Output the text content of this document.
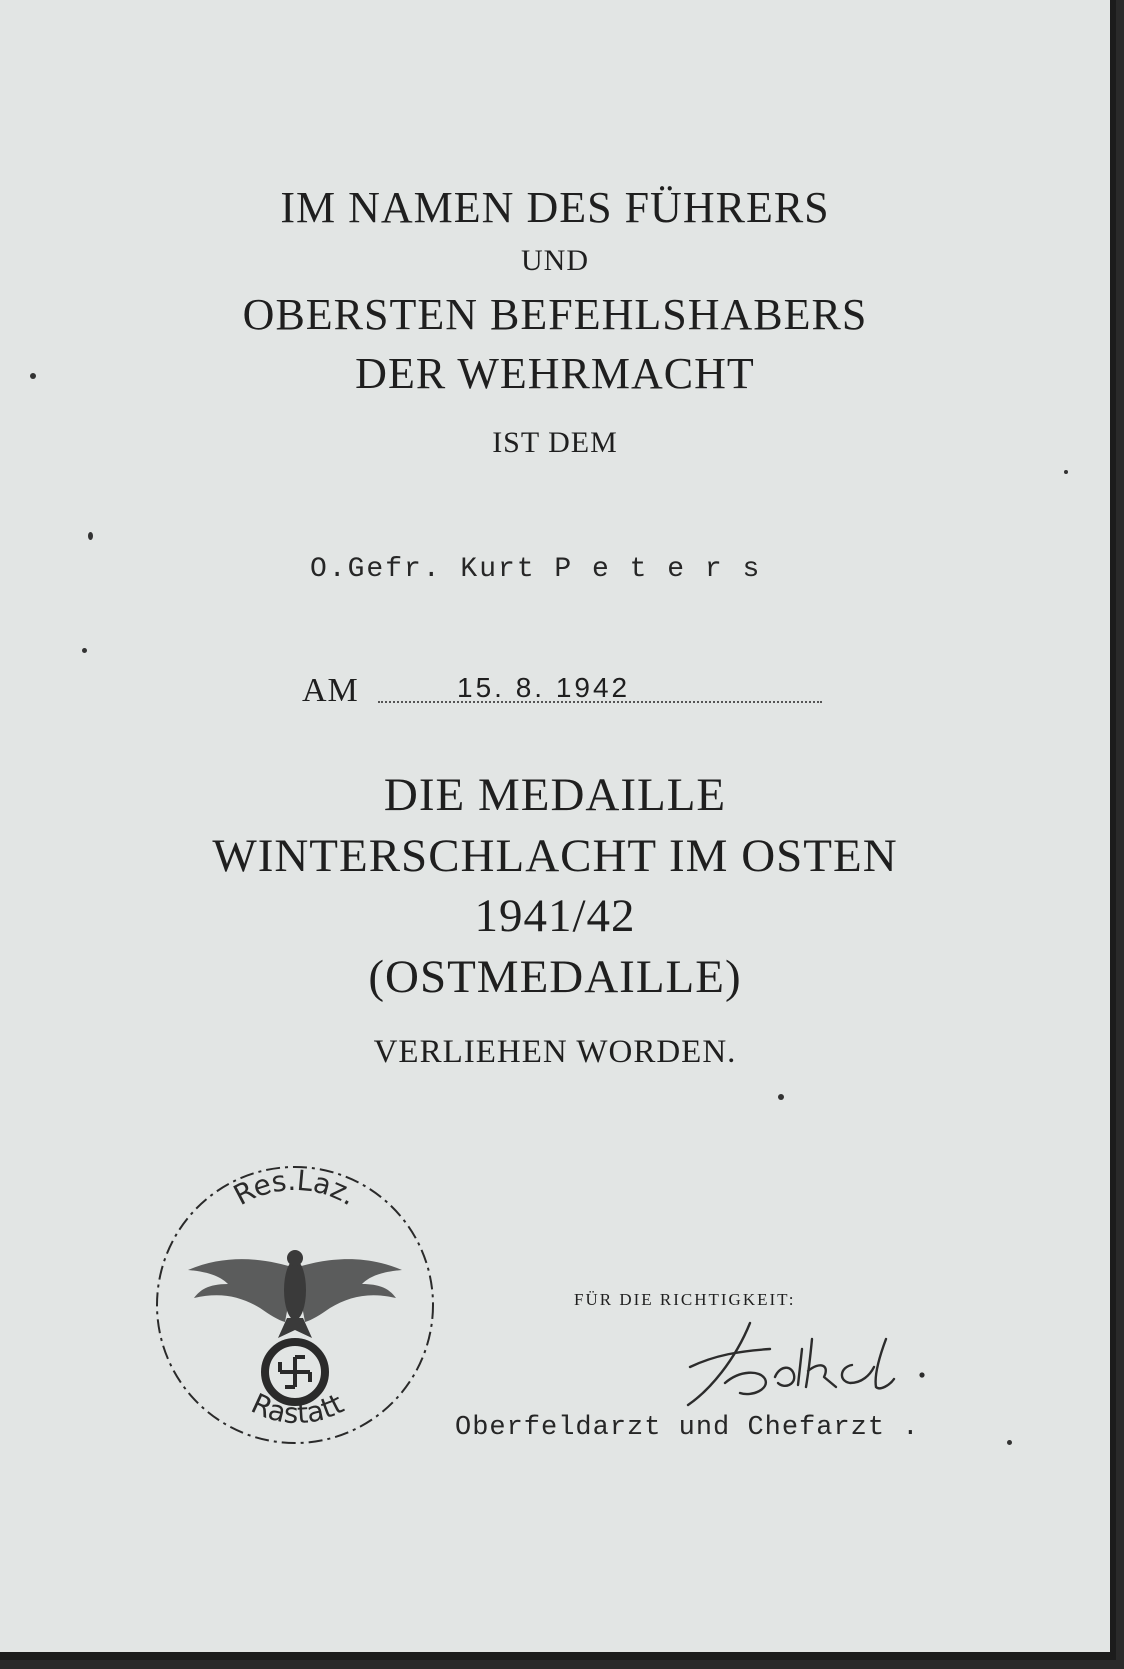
IM NAMEN DES FÜHRERS
UND
OBERSTEN BEFEHLSHABERS
DER WEHRMACHT
IST DEM
O.Gefr. Kurt P e t e r s
AM	15. 8. 1942
DIE MEDAILLE
WINTERSCHLACHT IM OSTEN
1941/42
(OSTMEDAILLE)
VERLIEHEN WORDEN.
Res.Laz.
Rastatt
FÜR DIE RICHTIGKEIT:
Oberfeldarzt und Chefarzt .
